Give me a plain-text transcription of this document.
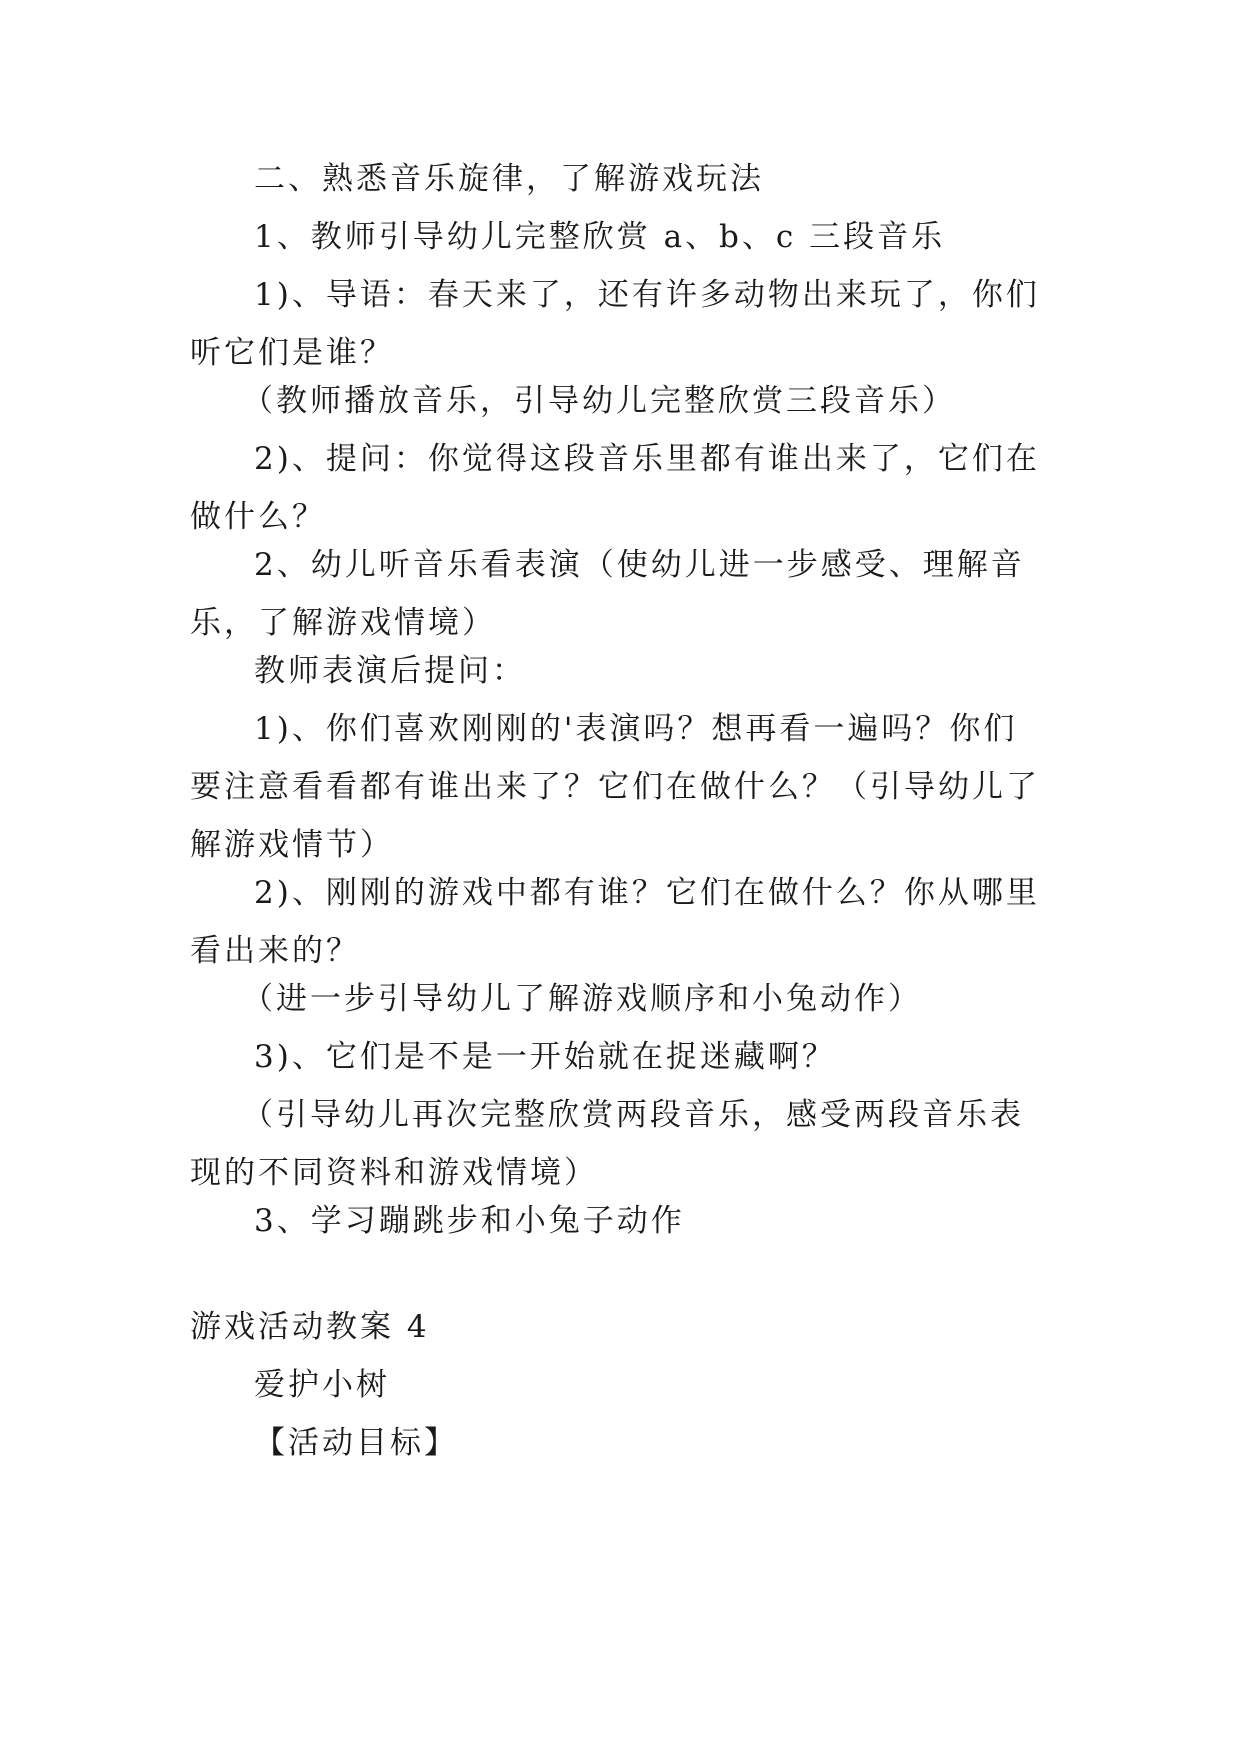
二、熟悉音乐旋律，了解游戏玩法

1、教师引导幼儿完整欣赏 a、b、c 三段音乐

1)、导语：春天来了，还有许多动物出来玩了，你们听它们是谁？

（教师播放音乐，引导幼儿完整欣赏三段音乐）

2)、提问：你觉得这段音乐里都有谁出来了，它们在做什么？

2、幼儿听音乐看表演（使幼儿进一步感受、理解音乐，了解游戏情境）

教师表演后提问：

1)、你们喜欢刚刚的'表演吗？想再看一遍吗？你们要注意看看都有谁出来了？它们在做什么？（引导幼儿了解游戏情节）

2)、刚刚的游戏中都有谁？它们在做什么？你从哪里看出来的？

（进一步引导幼儿了解游戏顺序和小兔动作）

3)、它们是不是一开始就在捉迷藏啊？

（引导幼儿再次完整欣赏两段音乐，感受两段音乐表现的不同资料和游戏情境）

3、学习蹦跳步和小兔子动作

游戏活动教案 4

爱护小树

【活动目标】
